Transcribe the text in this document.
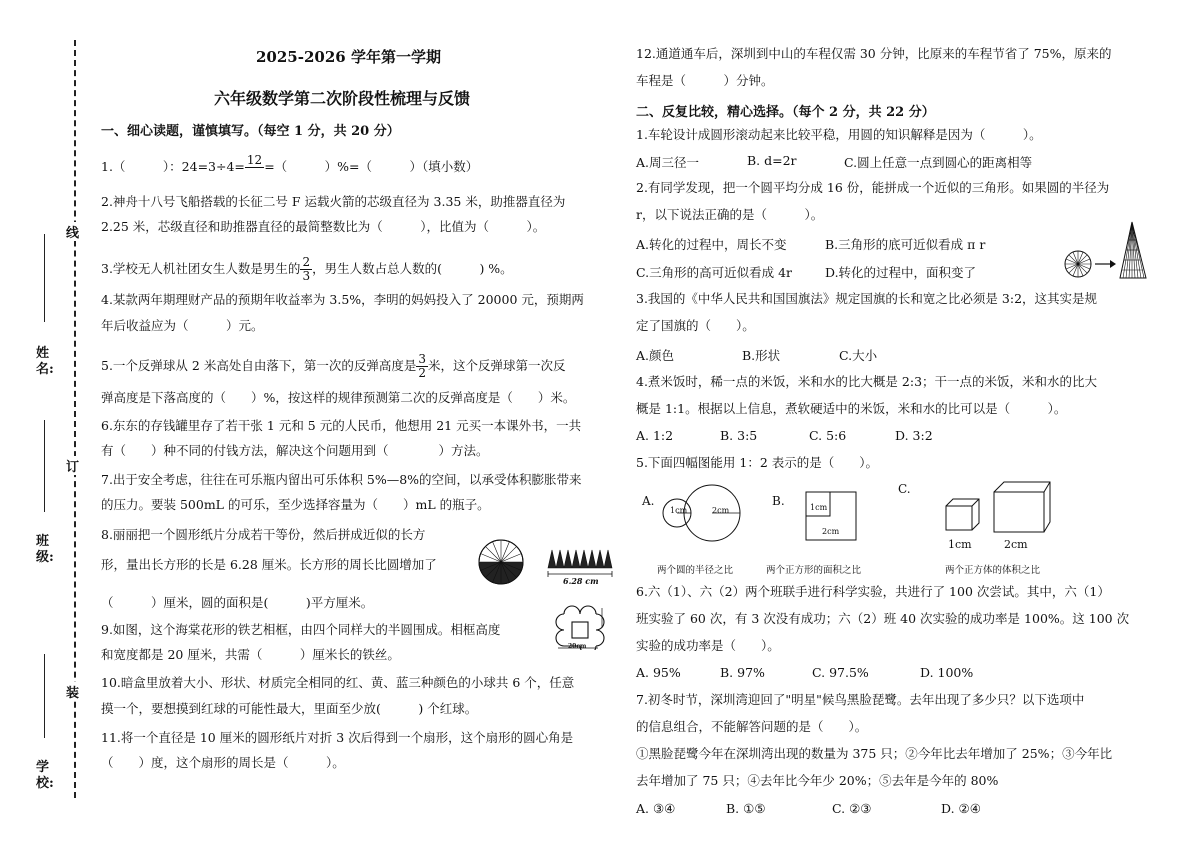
线
订
装
姓名:
班级:
学校:
2025-2026 学年第一学期
六年级数学第二次阶段性梳理与反馈
一、细心读题，谨慎填写。（每空 1 分，共 20 分）
1.（　　　）：24=3÷4= 12
=（　　　）%=（　　　）（填小数）
2.神舟十八号飞船搭载的长征二号 F 运载火箭的芯级直径为 3.35 米，助推器直径为
2.25 米，芯级直径和助推器直径的最简整数比为（　　　），比值为（　　　）。
3.学校无人机社团女生人数是男生的 $\frac{2}{3}$ ，男生人数占总人数的(　　　) %。
4.某款两年期理财产品的预期年收益率为 3.5%，李明的妈妈投入了 20000 元，预期两
年后收益应为（　　　）元。
5.一个反弹球从 2 米高处自由落下，第一次的反弹高度是 $\frac{3}{2}$ 米，这个反弹球第一次反
弹高度是下落高度的（　　）%，按这样的规律预测第二次的反弹高度是（　　）米。
6.东东的存钱罐里存了若干张 1 元和 5 元的人民币，他想用 21 元买一本课外书，一共
有（　　）种不同的付钱方法，解决这个问题用到（　　　　）方法。
7.出于安全考虑，往往在可乐瓶内留出可乐体积 5%—8%的空间，以承受体积膨胀带来
的压力。要装 500mL 的可乐，至少选择容量为（　　）mL 的瓶子。
8.丽丽把一个圆形纸片分成若干等份，然后拼成近似的长方
形，量出长方形的长是 6.28 厘米。长方形的周长比圆增加了
（　　　）厘米，圆的面积是(　　　)平方厘米。
6.28 cm
9.如图，这个海棠花形的铁艺相框，由四个同样大的半圆围成。相框高度
和宽度都是 20 厘米，共需（　　　）厘米长的铁丝。
20cm
10.暗盒里放着大小、形状、材质完全相同的红、黄、蓝三种颜色的小球共 6 个，任意
摸一个，要想摸到红球的可能性最大，里面至少放(　　　) 个红球。
11.将一个直径是 10 厘米的圆形纸片对折 3 次后得到一个扇形，这个扇形的圆心角是
（　　）度，这个扇形的周长是（　　　）。
12.通道通车后，深圳到中山的车程仅需 30 分钟，比原来的车程节省了 75%，原来的
车程是（　　　）分钟。
二、反复比较，精心选择。（每个 2 分，共 22 分）
1.车轮设计成圆形滚动起来比较平稳，用圆的知识解释是因为（　　　）。
A.周三径一	B. d=2r	C.圆上任意一点到圆心的距离相等
2.有同学发现，把一个圆平均分成 16 份，能拼成一个近似的三角形。如果圆的半径为
r，以下说法正确的是（　　　）。
A.转化的过程中，周长不变	B.三角形的底可近似看成 π r
C.三角形的高可近似看成 4r	D.转化的过程中，面积变了
3.我国的《中华人民共和国国旗法》规定国旗的长和宽之比必须是 3:2，这其实是规
定了国旗的（　　）。
A.颜色	B.形状	C.大小
4.煮米饭时，稀一点的米饭，米和水的比大概是 2:3；干一点的米饭，米和水的比大
概是 1:1。根据以上信息，煮软硬适中的米饭，米和水的比可以是（　　　）。
A. 1:2	B. 3:5	C. 5:6	D. 3:2
5.下面四幅图能用 1：2 表示的是（　　）。
A.
1cm	2cm
B.	1cm
2cm
C.
1cm	2cm
两个圆的半径之比	两个正方形的面积之比	两个正方体的体积之比
6.六（1）、六（2）两个班联手进行科学实验，共进行了 100 次尝试。其中，六（1）
班实验了 60 次，有 3 次没有成功；六（2）班 40 次实验的成功率是 100%。这 100 次
实验的成功率是（　　）。
A. 95%	B. 97%	C. 97.5%	D. 100%
7.初冬时节，深圳湾迎回了"明星"候鸟黑脸琵鹭。去年出现了多少只？以下选项中
的信息组合，不能解答问题的是（　　）。
①黑脸琵鹭今年在深圳湾出现的数量为 375 只；②今年比去年增加了 25%；③今年比
去年增加了 75 只；④去年比今年少 20%；⑤去年是今年的 80%
A. ③④	B. ①⑤	C. ②③	D. ②④
